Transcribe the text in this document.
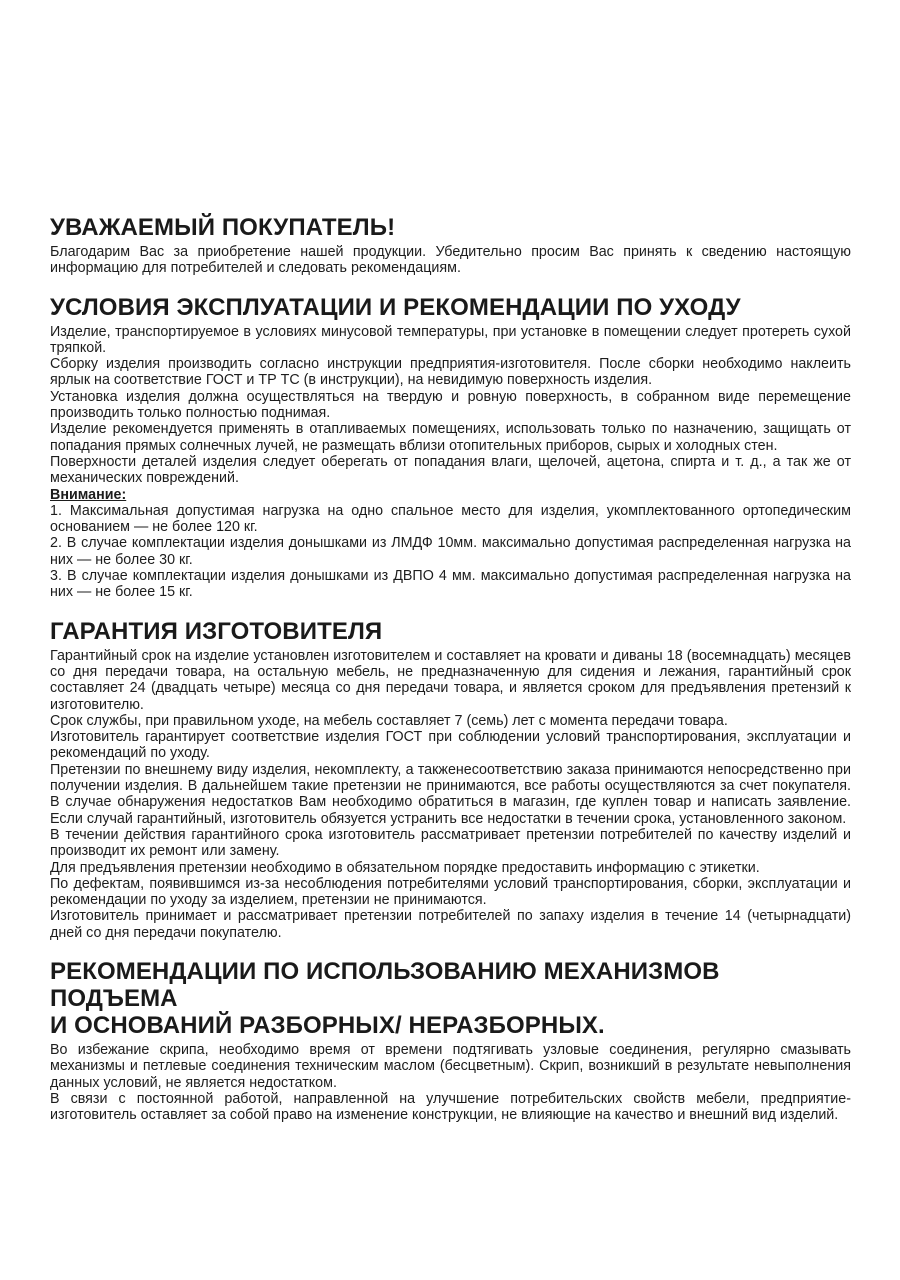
УВАЖАЕМЫЙ ПОКУПАТЕЛЬ!

Благодарим Вас за приобретение нашей продукции. Убедительно просим Вас принять к сведению настоящую информацию для потребителей и следовать рекомендациям.

УСЛОВИЯ ЭКСПЛУАТАЦИИ И РЕКОМЕНДАЦИИ ПО УХОДУ

Изделие, транспортируемое в условиях минусовой температуры, при установке в помещении следует протереть сухой тряпкой.

Сборку изделия производить согласно инструкции предприятия-изготовителя. После сборки необходимо наклеить ярлык на соответствие ГОСТ и ТР ТС (в инструкции), на невидимую поверхность изделия.

Установка изделия должна осуществляться на твердую и ровную поверхность, в собранном виде перемещение производить только полностью поднимая.

Изделие рекомендуется применять в отапливаемых помещениях, использовать только по назначению, защищать от попадания прямых солнечных лучей, не размещать вблизи отопительных приборов, сырых и холодных стен.

Поверхности деталей изделия следует оберегать от попадания влаги, щелочей, ацетона, спирта и т. д., а так же от механических повреждений.

Внимание:

1. Максимальная допустимая нагрузка на одно спальное место для изделия, укомплектованного ортопедическим основанием — не более 120 кг.

2. В случае комплектации изделия донышками из ЛМДФ 10мм. максимально допустимая распределенная нагрузка на них — не более 30 кг.

3. В случае комплектации изделия донышками из ДВПО 4 мм. максимально допустимая распределенная нагрузка на них — не более 15 кг.

ГАРАНТИЯ ИЗГОТОВИТЕЛЯ

Гарантийный срок на изделие установлен изготовителем и составляет на кровати и диваны 18 (восемнадцать) месяцев со дня передачи товара, на остальную мебель, не предназначенную для сидения и лежания, гарантийный срок составляет 24 (двадцать четыре) месяца со дня передачи товара, и является сроком для предъявления претензий к изготовителю.

Срок службы, при правильном уходе, на мебель составляет 7 (семь) лет с момента передачи товара.

Изготовитель гарантирует соответствие изделия ГОСТ при соблюдении условий транспортирования, эксплуатации и рекомендаций по уходу.

Претензии по внешнему виду изделия, некомплекту, а такженесоответствию заказа принимаются непосредственно при получении изделия. В дальнейшем такие претензии не принимаются, все работы осуществляются за счет покупателя. В случае обнаружения недостатков Вам необходимо обратиться в магазин, где куплен товар и написать заявление. Если случай гарантийный, изготовитель обязуется устранить все недостатки в течении срока, установленного законом.

В течении действия гарантийного срока изготовитель рассматривает претензии потребителей по качеству изделий и производит их ремонт или замену.

Для предъявления претензии необходимо в обязательном порядке предоставить информацию с этикетки.

По дефектам, появившимся из-за несоблюдения потребителями условий транспортирования, сборки, эксплуатации и рекомендации по уходу за изделием, претензии не принимаются.

Изготовитель принимает и рассматривает претензии потребителей по запаху изделия в течение 14 (четырнадцати) дней со дня передачи покупателю.

РЕКОМЕНДАЦИИ ПО ИСПОЛЬЗОВАНИЮ МЕХАНИЗМОВ ПОДЪЕМА
И ОСНОВАНИЙ РАЗБОРНЫХ/ НЕРАЗБОРНЫХ.

Во избежание скрипа, необходимо время от времени подтягивать узловые соединения, регулярно смазывать механизмы и петлевые соединения техническим маслом (бесцветным). Скрип, возникший в результате невыполнения данных условий, не является недостатком.

В связи с постоянной работой, направленной на улучшение потребительских свойств мебели, предприятие-изготовитель оставляет за собой право на изменение конструкции, не влияющие на качество и внешний вид изделий.
